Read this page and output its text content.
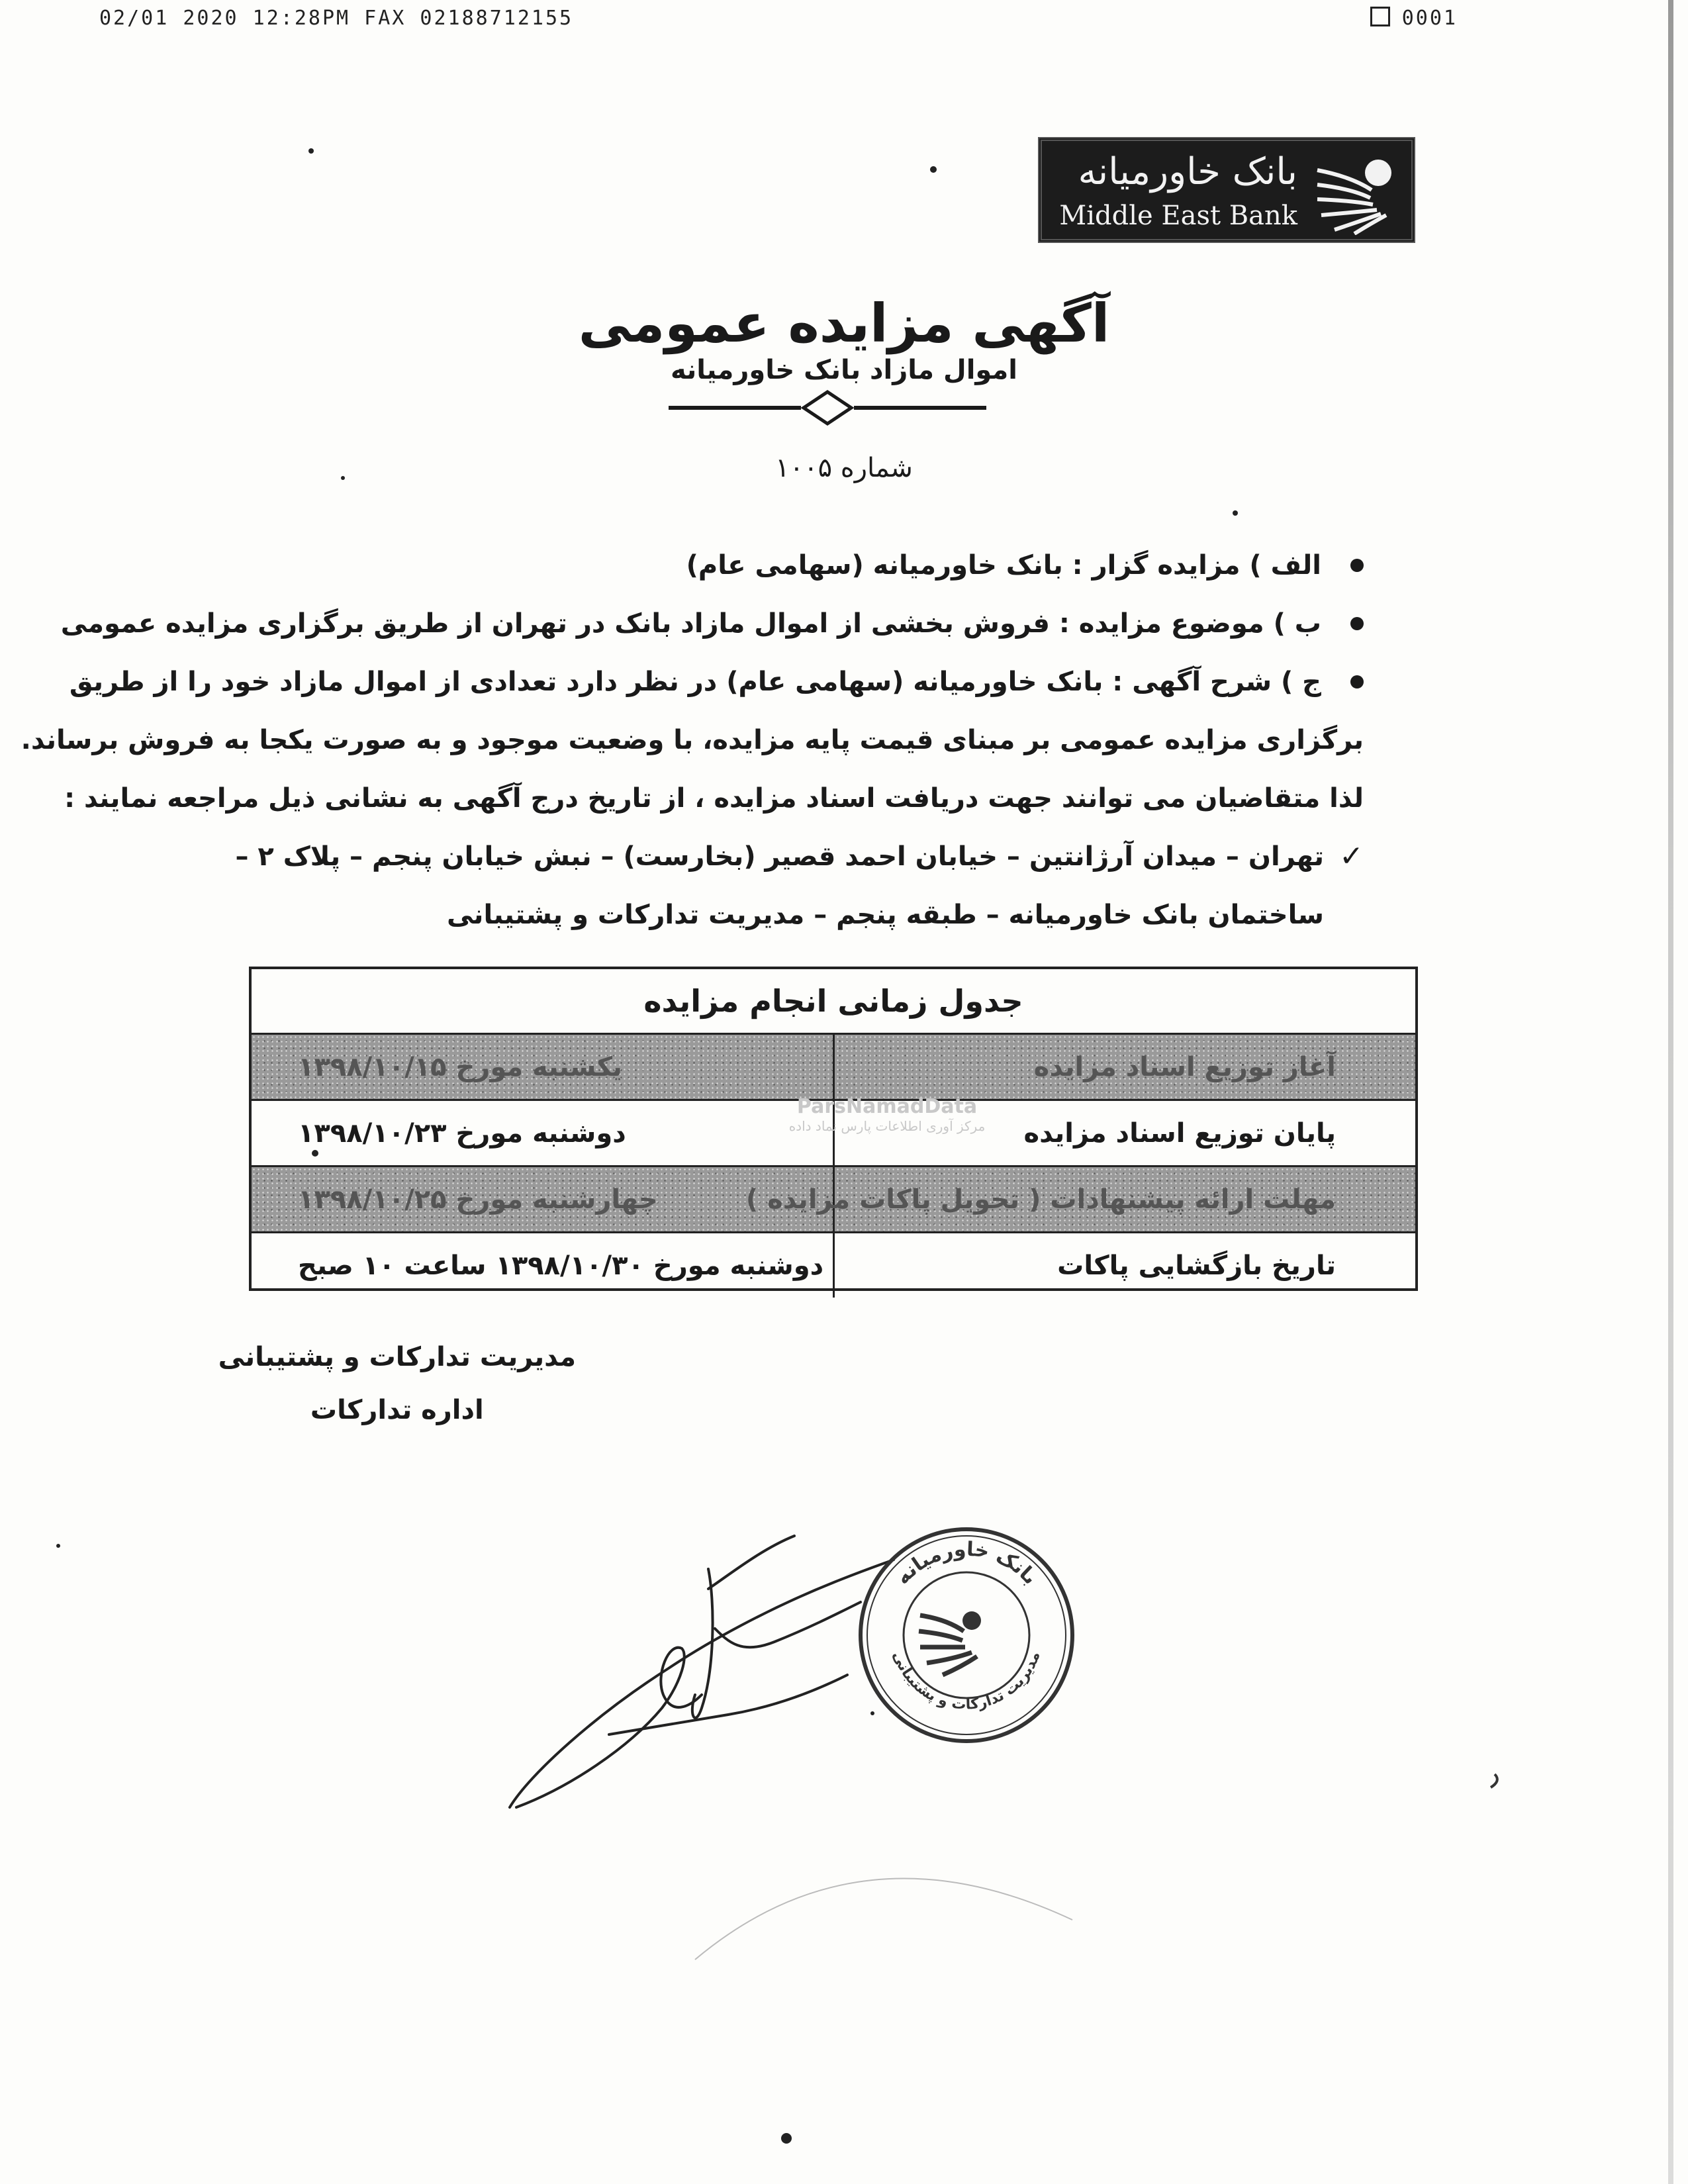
02/01 2020 12:28PM FAX 02188712155	0001
بانک خاورمیانه
Middle East Bank
آگهی مزایده عمومی
اموال مازاد بانک خاورمیانه
شماره ۱۰۰۵
الف ) مزایده گزار : بانک خاورمیانه (سهامی عام)
ب ) موضوع مزایده : فروش بخشی از اموال مازاد بانک در تهران از طریق برگزاری مزایده عمومی
ج ) شرح آگهی : بانک خاورمیانه (سهامی عام) در نظر دارد تعدادی از اموال مازاد خود را از طریق
برگزاری مزایده عمومی بر مبنای قیمت پایه مزایده، با وضعیت موجود و به صورت یکجا به فروش برساند.
لذا متقاضیان می توانند جهت دریافت اسناد مزایده ، از تاریخ درج آگهی به نشانی ذیل مراجعه نمایند :
✓
تهران – میدان آرژانتین – خیابان احمد قصیر (بخارست) – نبش خیابان پنجم – پلاک ۲ – ساختمان بانک خاورمیانه – طبقه پنجم – مدیریت تدارکات و پشتیبانی
جدول زمانی انجام مزایده
آغاز توزیع اسناد مزایده
یکشنبه مورخ ۱۳۹۸/۱۰/۱۵
پایان توزیع اسناد مزایده
دوشنبه مورخ ۱۳۹۸/۱۰/۲۳
مهلت ارائه پیشنهادات ( تحویل پاکات مزایده )
چهارشنبه مورخ ۱۳۹۸/۱۰/۲۵
تاریخ بازگشایی پاکات
دوشنبه مورخ ۱۳۹۸/۱۰/۳۰ ساعت ۱۰ صبح
ParsNamadData
مرکز آوری اطلاعات پارس نماد داده
مدیریت تدارکات و پشتیبانی
اداره تدارکات
بانک خاورمیانه
مدیریت تدارکات و پشتیبانی
